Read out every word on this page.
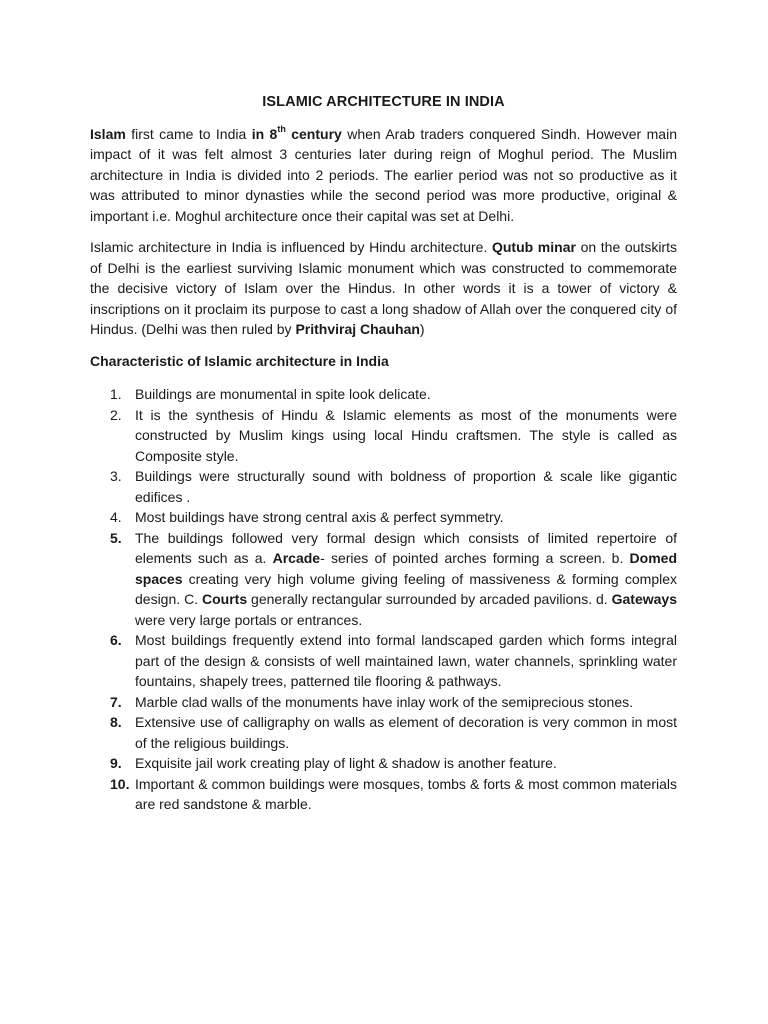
ISLAMIC ARCHITECTURE IN INDIA

Islam first came to India in 8th century when Arab traders conquered Sindh. However main impact of it was felt almost 3 centuries later during reign of Moghul period. The Muslim architecture in India is divided into 2 periods. The earlier period was not so productive as it was attributed to minor dynasties while the second period was more productive, original & important i.e. Moghul architecture once their capital was set at Delhi.

Islamic architecture in India is influenced by Hindu architecture. Qutub minar on the outskirts of Delhi is the earliest surviving Islamic monument which was constructed to commemorate the decisive victory of Islam over the Hindus. In other words it is a tower of victory & inscriptions on it proclaim its purpose to cast a long shadow of Allah over the conquered city of Hindus. (Delhi was then ruled by Prithviraj Chauhan)

Characteristic of Islamic architecture in India
1. Buildings are monumental in spite look delicate.
2. It is the synthesis of Hindu & Islamic elements as most of the monuments were constructed by Muslim kings using local Hindu craftsmen. The style is called as Composite style.
3. Buildings were structurally sound with boldness of proportion & scale like gigantic edifices .
4. Most buildings have strong central axis & perfect symmetry.
5. The buildings followed very formal design which consists of limited repertoire of elements such as a. Arcade- series of pointed arches forming a screen. b. Domed spaces creating very high volume giving feeling of massiveness & forming complex design. C. Courts generally rectangular surrounded by arcaded pavilions. d. Gateways were very large portals or entrances.
6. Most buildings frequently extend into formal landscaped garden which forms integral part of the design & consists of well maintained lawn, water channels, sprinkling water fountains, shapely trees, patterned tile flooring & pathways.
7. Marble clad walls of the monuments have inlay work of the semiprecious stones.
8. Extensive use of calligraphy on walls as element of decoration is very common in most of the religious buildings.
9. Exquisite jail work creating play of light & shadow is another feature.
10. Important & common buildings were mosques, tombs & forts & most common materials are red sandstone & marble.
